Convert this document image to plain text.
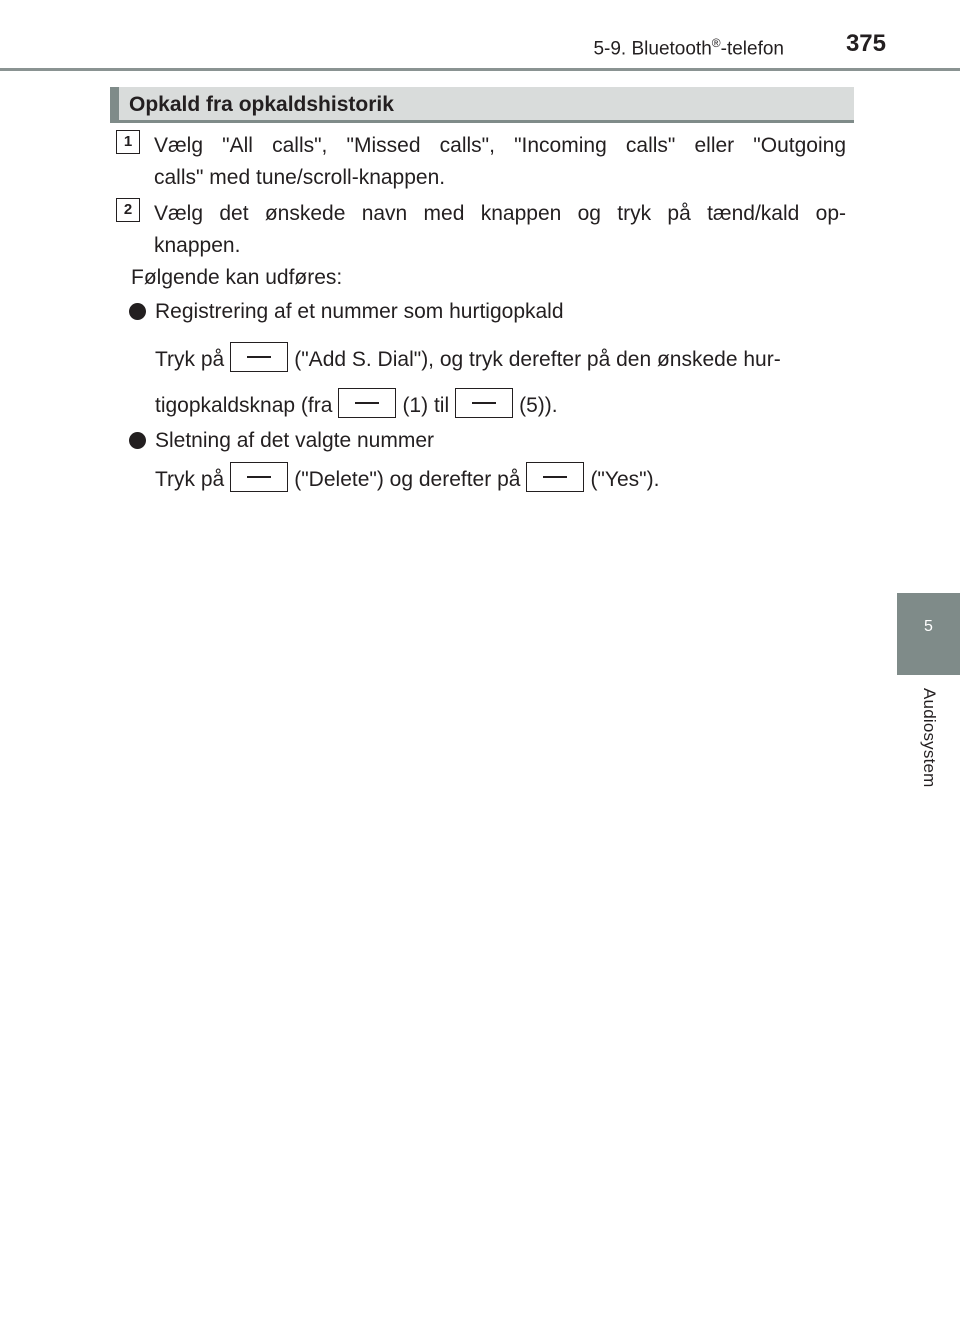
5-9. Bluetooth®-telefon	375
5
Audiosystem
Opkald fra opkaldshistorik
1	Vælg "All calls", "Missed calls", "Incoming calls" eller "Outgoing
calls" med tune/scroll-knappen.
2	Vælg det ønskede navn med knappen og tryk på tænd/kald op-
knappen.
Følgende kan udføres:
Registrering af et nummer som hurtigopkald
Tryk på	("Add S. Dial"), og tryk derefter på den ønskede hur-
tigopkaldsknap (fra	(1) til	(5)).
Sletning af det valgte nummer
Tryk på	("Delete") og derefter på	("Yes").
